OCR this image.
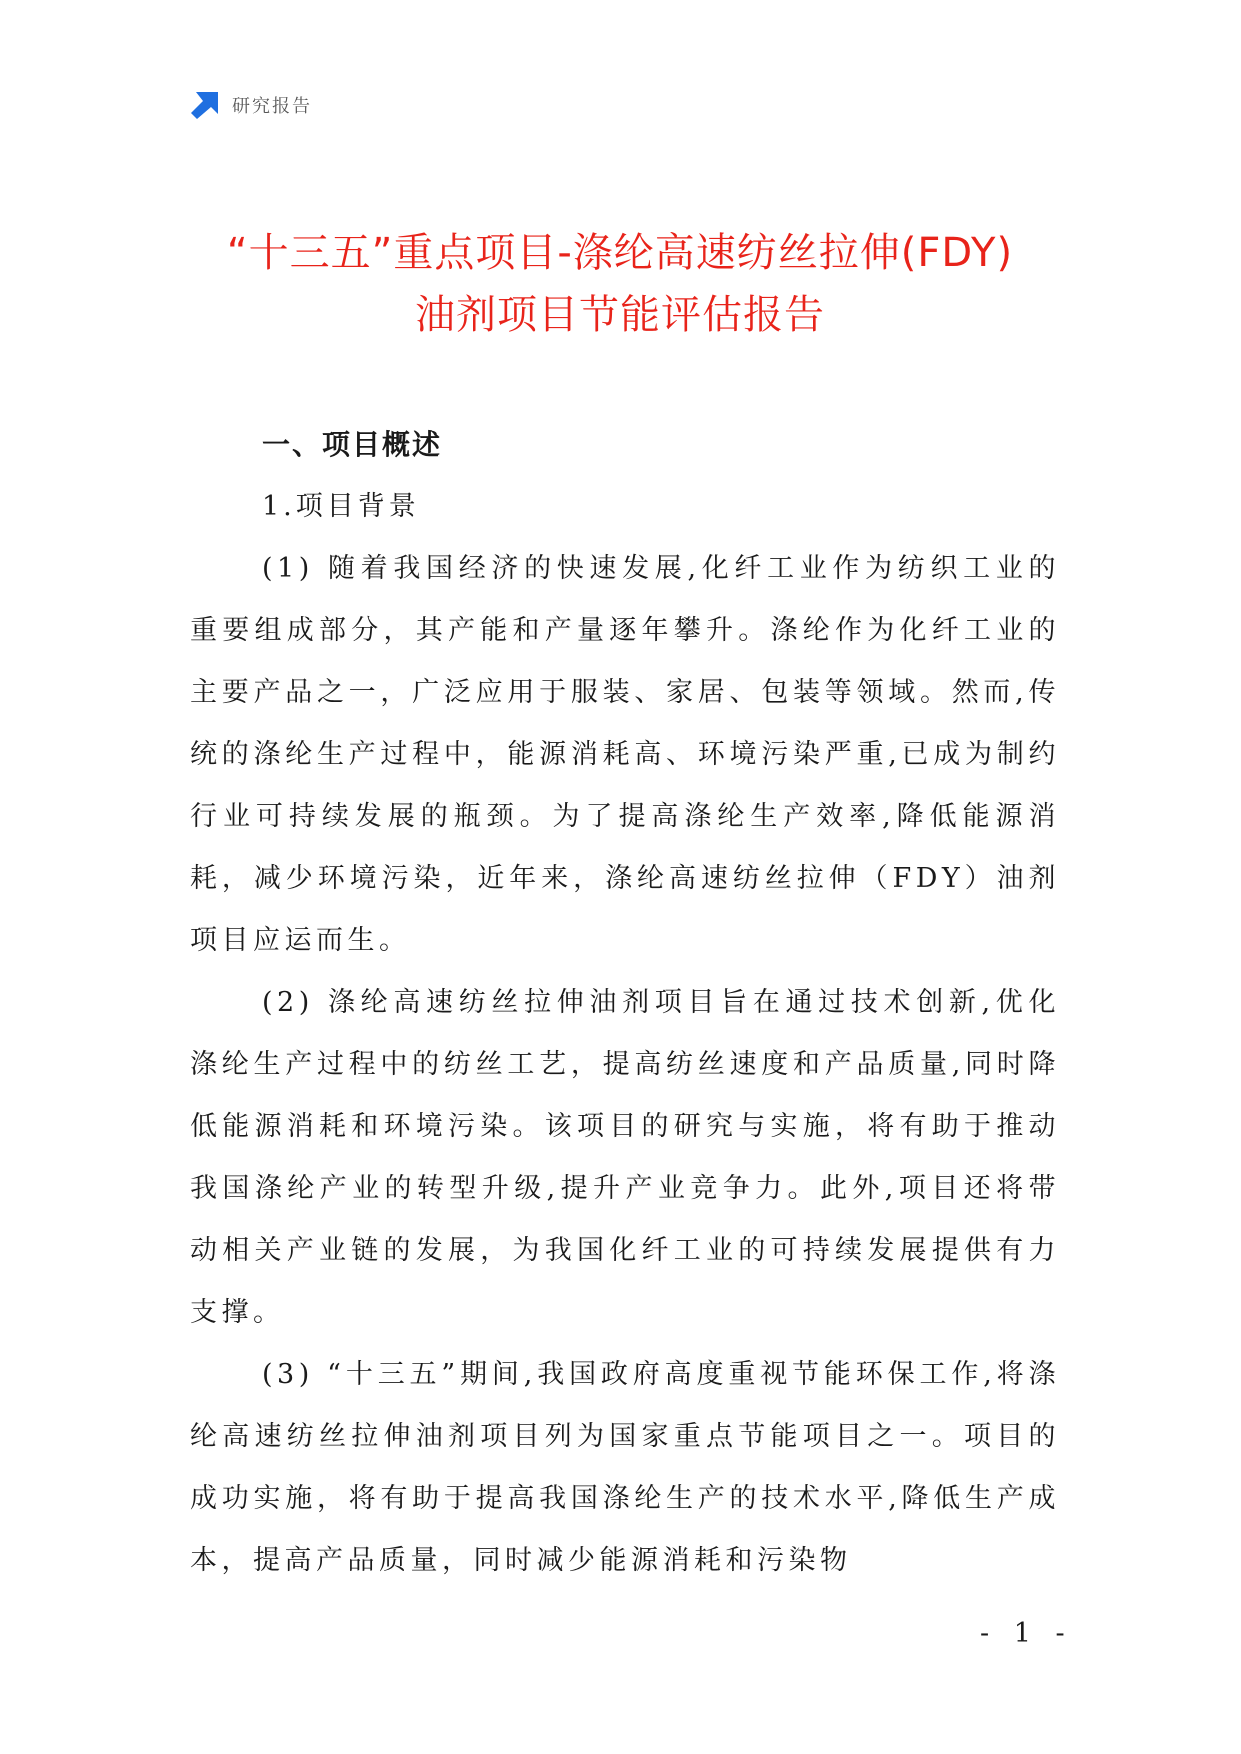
研究报告
“十三五”重点项目-涤纶高速纺丝拉伸(FDY)
油剂项目节能评估报告
一、项目概述

1.项目背景

(1) 随着我国经济的快速发展,化纤工业作为纺织工业的重要组成部分，其产能和产量逐年攀升。涤纶作为化纤工业的主要产品之一，广泛应用于服装、家居、包装等领域。然而,传统的涤纶生产过程中，能源消耗高、环境污染严重,已成为制约行业可持续发展的瓶颈。为了提高涤纶生产效率,降低能源消耗，减少环境污染，近年来，涤纶高速纺丝拉伸（FDY）油剂项目应运而生。

(2) 涤纶高速纺丝拉伸油剂项目旨在通过技术创新,优化涤纶生产过程中的纺丝工艺，提高纺丝速度和产品质量,同时降低能源消耗和环境污染。该项目的研究与实施，将有助于推动我国涤纶产业的转型升级,提升产业竞争力。此外,项目还将带动相关产业链的发展，为我国化纤工业的可持续发展提供有力支撑。

(3) “十三五”期间,我国政府高度重视节能环保工作,将涤纶高速纺丝拉伸油剂项目列为国家重点节能项目之一。项目的成功实施，将有助于提高我国涤纶生产的技术水平,降低生产成本，提高产品质量，同时减少能源消耗和污染物

- 1 -
